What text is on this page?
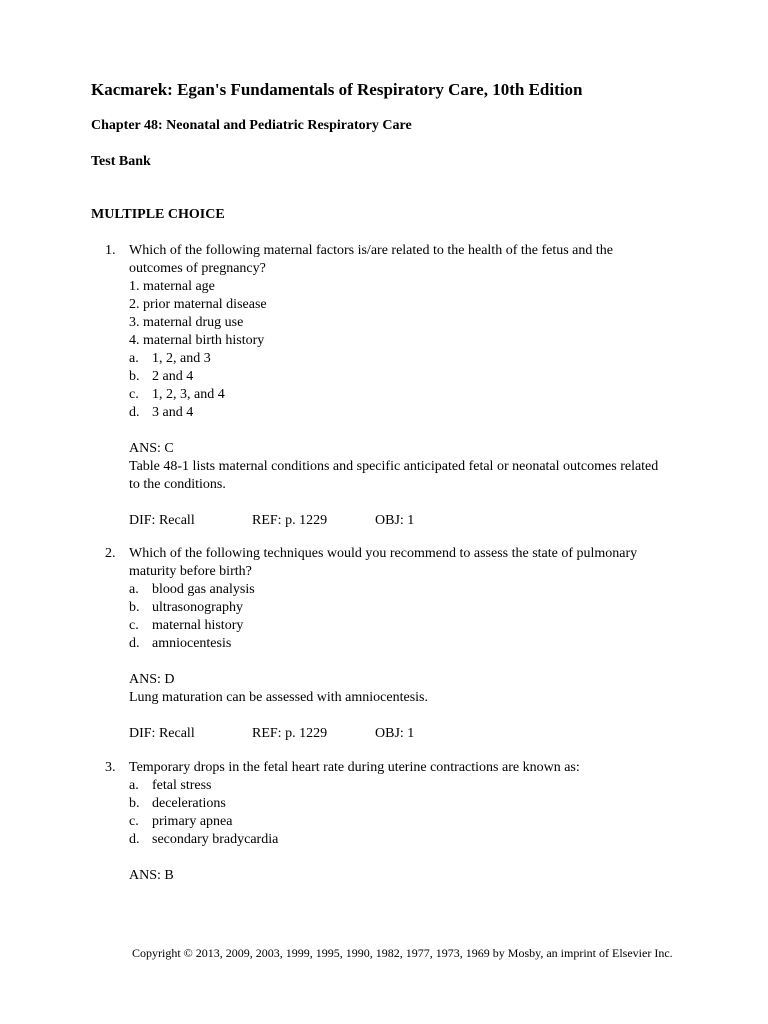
Kacmarek: Egan's Fundamentals of Respiratory Care, 10th Edition
Chapter 48: Neonatal and Pediatric Respiratory Care
Test Bank
MULTIPLE CHOICE
1. Which of the following maternal factors is/are related to the health of the fetus and the
outcomes of pregnancy?
1. maternal age
2. prior maternal disease
3. maternal drug use
4. maternal birth history
a. 1, 2, and 3
b. 2 and 4
c. 1, 2, 3, and 4
d. 3 and 4
ANS: C
Table 48-1 lists maternal conditions and specific anticipated fetal or neonatal outcomes related
to the conditions.
DIF: Recall	REF: p. 1229	OBJ: 1
2. Which of the following techniques would you recommend to assess the state of pulmonary
maturity before birth?
a. blood gas analysis
b. ultrasonography
c. maternal history
d. amniocentesis
ANS: D
Lung maturation can be assessed with amniocentesis.
DIF: Recall	REF: p. 1229	OBJ: 1
3. Temporary drops in the fetal heart rate during uterine contractions are known as:
a. fetal stress
b. decelerations
c. primary apnea
d. secondary bradycardia
ANS: B
Copyright © 2013, 2009, 2003, 1999, 1995, 1990, 1982, 1977, 1973, 1969 by Mosby, an imprint of Elsevier Inc.
